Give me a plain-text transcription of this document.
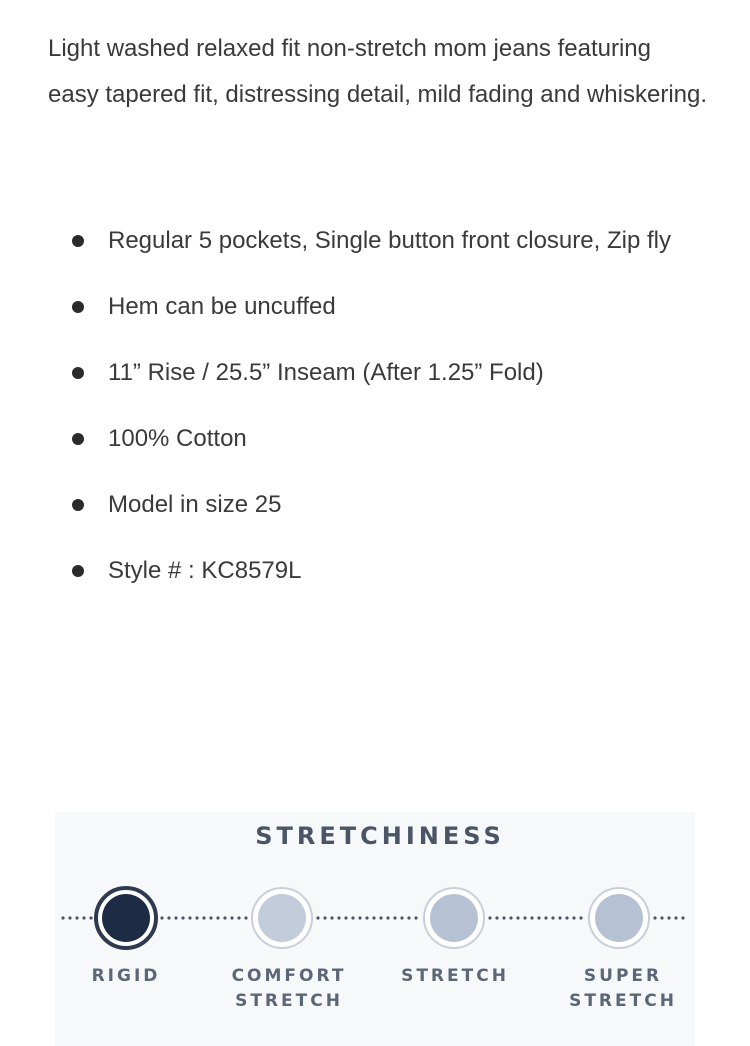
Light washed relaxed fit non-stretch mom jeans featuring easy tapered fit, distressing detail, mild fading and whiskering.

Regular 5 pockets, Single button front closure, Zip fly
Hem can be uncuffed
11” Rise / 25.5” Inseam (After 1.25” Fold)
100% Cotton
Model in size 25
Style # : KC8579L
STRETCHINESS
RIGID	COMFORT
STRETCH
STRETCH	SUPER
STRETCH
